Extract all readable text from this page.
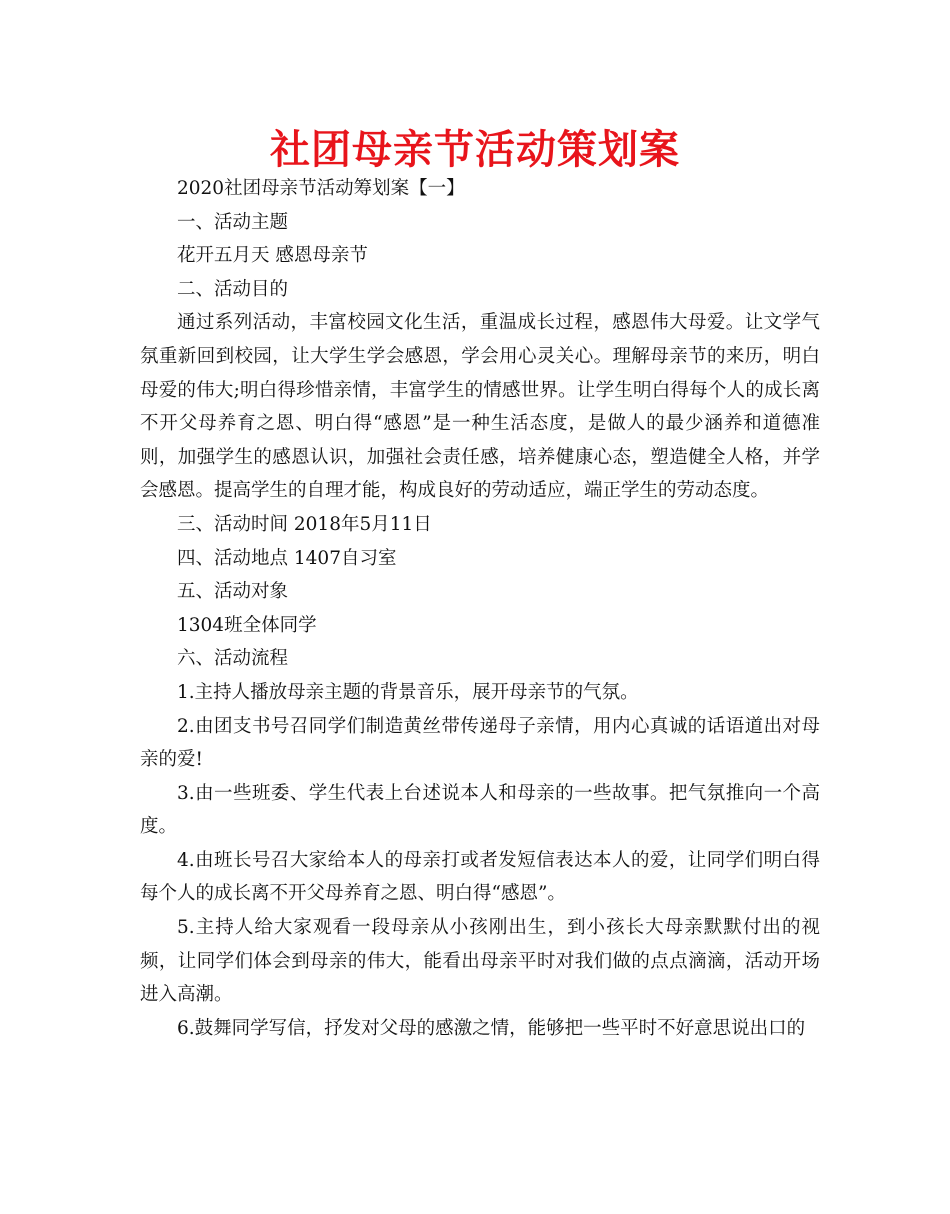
社团母亲节活动策划案

2020社团母亲节活动筹划案【一】

一、活动主题

花开五月天 感恩母亲节

二、活动目的

通过系列活动，丰富校园文化生活，重温成长过程，感恩伟大母爱。让文学气氛重新回到校园，让大学生学会感恩，学会用心灵关心。理解母亲节的来历，明白母爱的伟大;明白得珍惜亲情，丰富学生的情感世界。让学生明白得每个人的成长离不开父母养育之恩、明白得“感恩”是一种生活态度，是做人的最少涵养和道德准则，加强学生的感恩认识，加强社会责任感，培养健康心态，塑造健全人格，并学会感恩。提高学生的自理才能，构成良好的劳动适应，端正学生的劳动态度。

三、活动时间 2018年5月11日

四、活动地点 1407自习室

五、活动对象

1304班全体同学

六、活动流程

1.主持人播放母亲主题的背景音乐，展开母亲节的气氛。

2.由团支书号召同学们制造黄丝带传递母子亲情，用内心真诚的话语道出对母亲的爱!

3.由一些班委、学生代表上台述说本人和母亲的一些故事。把气氛推向一个高度。

4.由班长号召大家给本人的母亲打或者发短信表达本人的爱，让同学们明白得每个人的成长离不开父母养育之恩、明白得“感恩”。

5.主持人给大家观看一段母亲从小孩刚出生，到小孩长大母亲默默付出的视频，让同学们体会到母亲的伟大，能看出母亲平时对我们做的点点滴滴，活动开场进入高潮。

6.鼓舞同学写信，抒发对父母的感激之情，能够把一些平时不好意思说出口的
